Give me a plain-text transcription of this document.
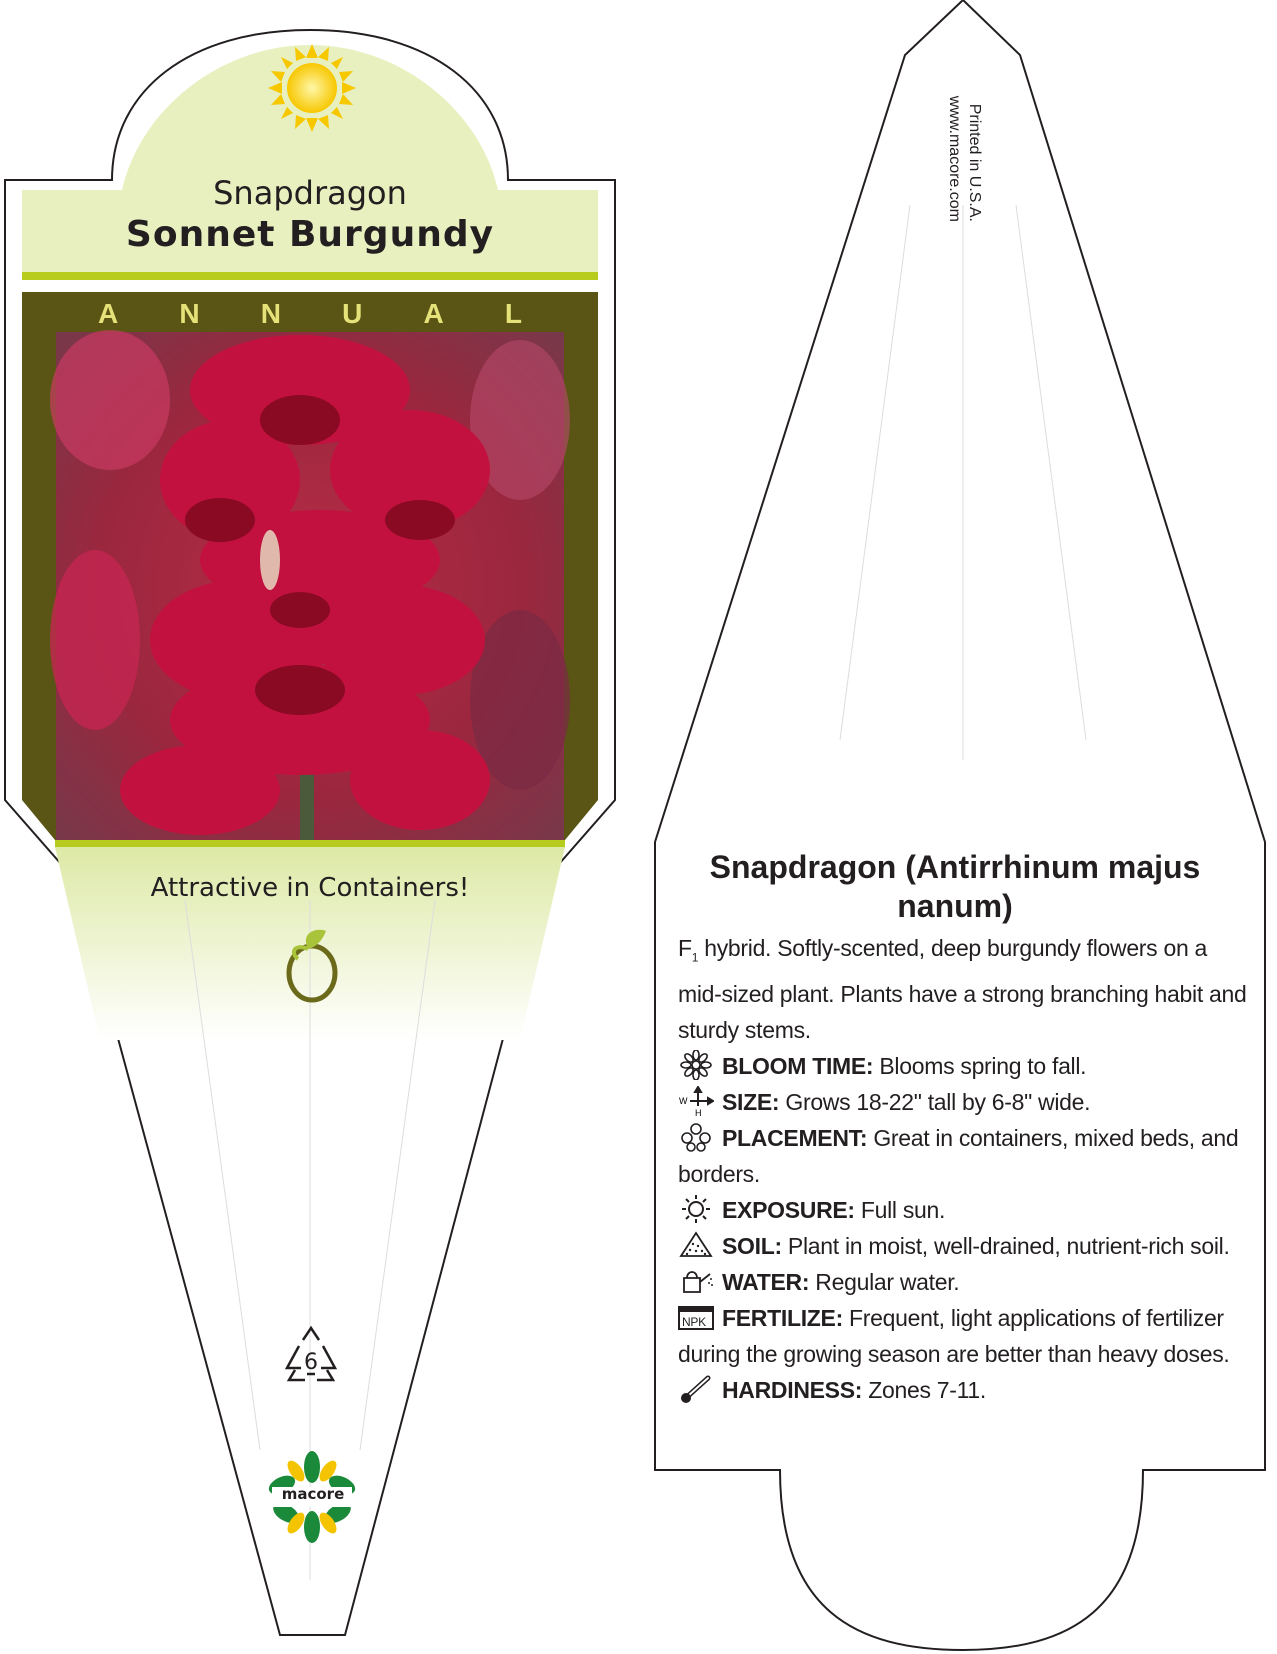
Snapdragon
Sonnet Burgundy
A N N U A L
Attractive in Containers!
6
macore
Printed in U.S.A.
www.macore.com
Snapdragon (Antirrhinum majus nanum)

$F_1$ hybrid. Softly-scented, deep burgundy flowers on a mid-sized plant. Plants have a strong branching habit and sturdy stems.

BLOOM TIME: Blooms spring to fall.

W
H SIZE: Grows 18-22" tall by 6-8" wide.

PLACEMENT: Great in containers, mixed beds, and borders.

EXPOSURE: Full sun.

SOIL: Plant in moist, well-drained, nutrient-rich soil.

WATER: Regular water.

NPK FERTILIZE: Frequent, light applications of fertilizer during the growing season are better than heavy doses.

HARDINESS: Zones 7-11.
